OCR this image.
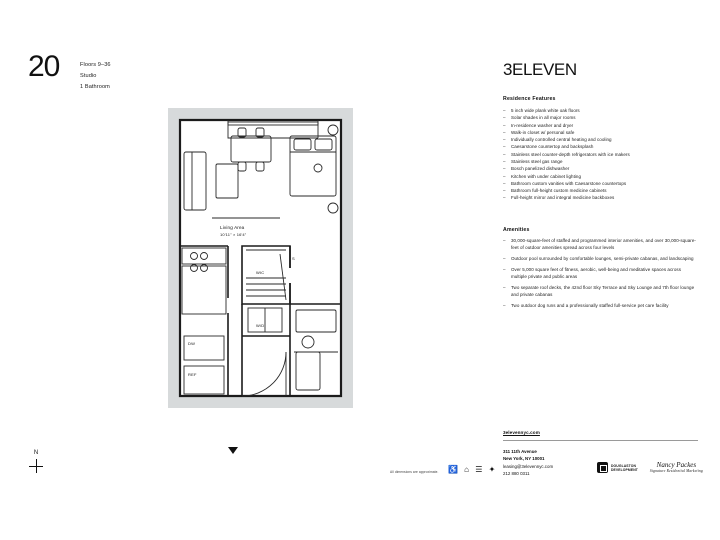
20	Floors 9–36
Studio
1 Bathroom
Living Area
10'11" × 16'4"
WIC
W/D
DW
REF
S
N
All dimensions are approximate. ♿ ⌂ ☰ ✦
3ELEVEN
Residence Features
– 5 inch wide plank white oak floors
– Solar shades in all major rooms
– In-residence washer and dryer
– Walk-in closet w/ personal safe
– Individually controlled central heating and cooling
– Caesarstone countertop and backsplash
– Stainless steel counter-depth refrigerators with ice makers
– Stainless steel gas range
– Bosch panelized dishwasher
– Kitchen with under cabinet lighting
– Bathroom custom vanities with Caesarstone countertops
– Bathroom full-height custom medicine cabinets
– Full-height mirror and integral medicine backboxes
Amenities
– 30,000-square-feet of staffed and programmed interior amenities, and over 30,000-square-feet of outdoor amenities spread across four levels
– Outdoor pool surrounded by comfortable lounges, semi-private cabanas, and landscaping
– Over 5,000 square feet of fitness, aerobic, well-being and meditative spaces across multiple private and public areas
– Two separate roof decks, the 42nd floor Sky Terrace and Sky Lounge and 7th floor lounge and private cabanas
– Two outdoor dog runs and a professionally staffed full-service pet care facility
3elevennyc.com
311 11th Avenue
New York, NY 10001
leasing@3elevennyc.com
212 880 0311
DOUGLASTON
DEVELOPMENT
Nancy Packes
Signature Residential Marketing
